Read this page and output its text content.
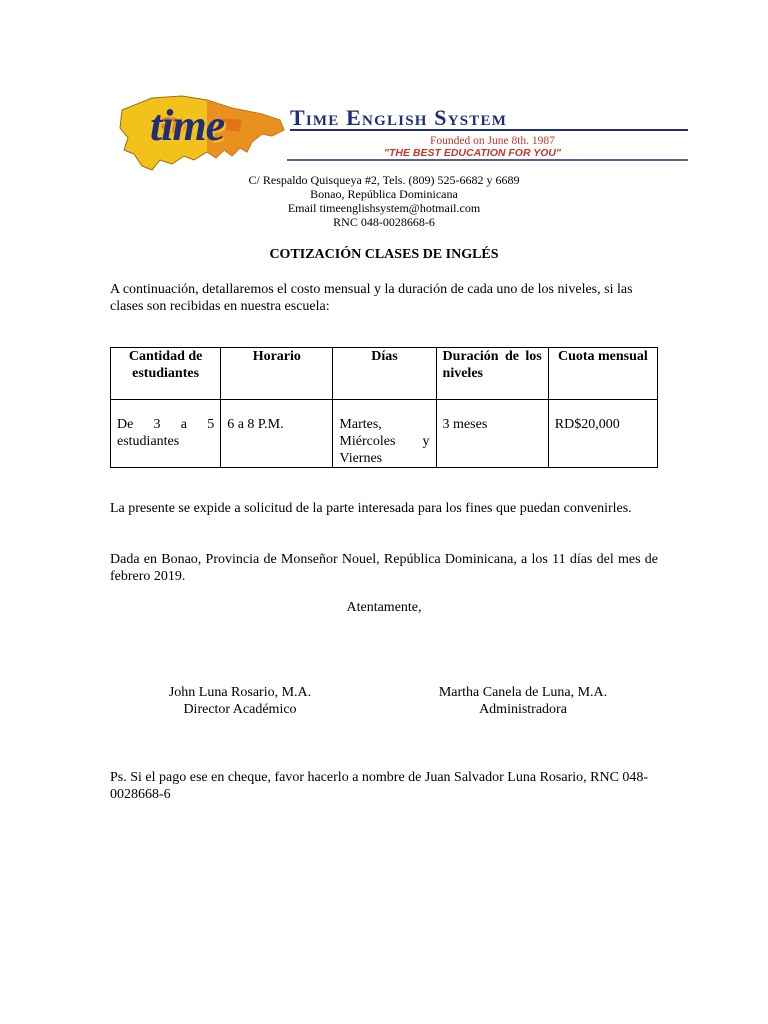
time	Time English System
Founded on June 8th. 1987
"THE BEST EDUCATION FOR YOU"
C/ Respaldo Quisqueya #2, Tels. (809) 525-6682 y 6689
Bonao, República Dominicana
Email timeenglishsystem@hotmail.com
RNC 048-0028668-6
COTIZACIÓN CLASES DE INGLÉS
A continuación, detallaremos el costo mensual y la duración de cada uno de los niveles, si las clases son recibidas en nuestra escuela:
Cantidad de estudiantes	Horario	Días	Duración de los niveles	Cuota mensual
De 3 a 5 estudiantes	6 a 8 P.M.	Martes, Miércoles y Viernes	3 meses	RD$20,000
La presente se expide a solicitud de la parte interesada para los fines que puedan convenirles.
Dada en Bonao, Provincia de Monseñor Nouel, República Dominicana, a los 11 días del mes de febrero 2019.
Atentamente,
John Luna Rosario, M.A.
Director Académico
Martha Canela de Luna, M.A.
Administradora
Ps. Si el pago ese en cheque, favor hacerlo a nombre de Juan Salvador Luna Rosario, RNC 048-0028668-6
